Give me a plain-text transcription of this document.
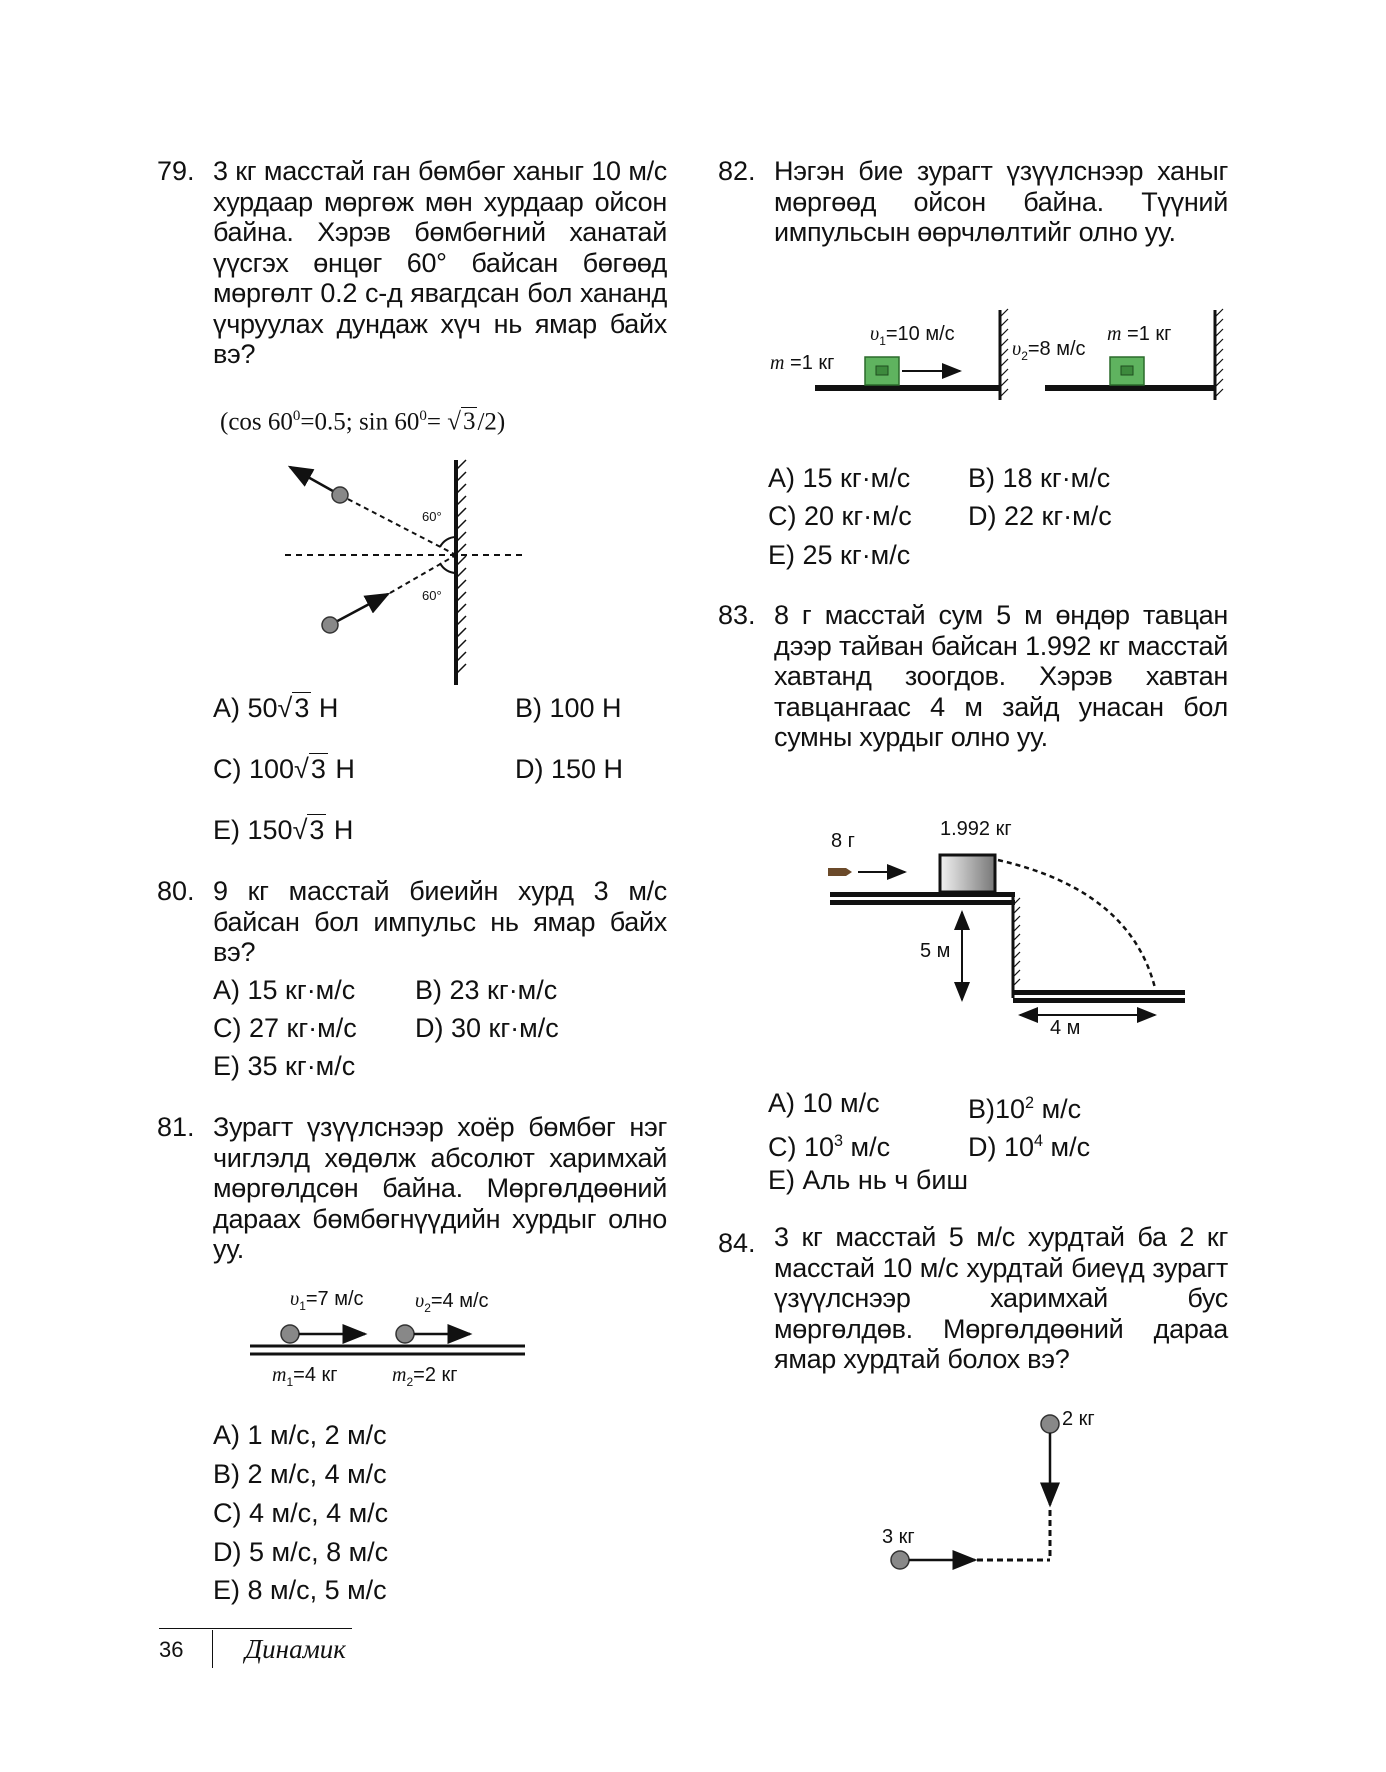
79. 3 кг масстай ган бөмбөг ханыг 10 м/с хурдаар мөргөж мөн хурдаар ойсон байна. Хэрэв бөмбөгний ханатай үүсгэх өнцөг 60° байсан бөгөөд мөргөлт 0.2 с-д явагдсан бол хананд үчруулах дундаж хүч нь ямар байх вэ?
(cos $60^0=0.5$; $\sin 60^0= √3/2$)
60°
60°
A) 50√3 Н	B) 100 Н
C) 100√3 Н	D) 150 Н
E) 150√3 Н
80. 9 кг масстай биеийн хурд 3 м/с байсан бол импульс нь ямар байх вэ?
A) 15 кг·м/с B) 23 кг·м/с
C) 27 кг·м/с D) 30 кг·м/с
E) 35 кг·м/с
81. Зурагт үзүүлснээр хоёр бөмбөг нэг чиглэлд хөдөлж абсолют харимхай мөргөлдсөн байна. Мөргөлдөөний дараах бөмбөгнүүдийн хурдыг олно уу.
$\upsilon_1=7$ м/с	$\upsilon_2=4$ м/с
$m_1=4$ кг	$m_2=2$ кг
A) 1 м/с, 2 м/с
B) 2 м/с, 4 м/с
C) 4 м/с, 4 м/с
D) 5 м/с, 8 м/с
E) 8 м/с, 5 м/с
82. Нэгэн бие зурагт үзүүлснээр ханыг мөргөөд ойсон байна. Түүний импульсын өөрчлөлтийг олно уу.
m =1 кг
$\upsilon_1=10$ м/с
$\upsilon_2=8$ м/с
m =1 кг
A) 15 кг·м/с B) 18 кг·м/с
C) 20 кг·м/с D) 22 кг·м/с
E) 25 кг·м/с
83. 8 г масстай сум 5 м өндөр тавцан дээр тайван байсан 1.992 кг масстай хавтанд зоогдов. Хэрэв хавтан тавцангаас 4 м зайд унасан бол сумны хурдыг олно уу.
8 г
1.992 кг
5 м
4 м
A) 10 м/с	$B)10^2$ м/с
C) $10^3$ м/с	D) $10^4$ м/с
E) Аль нь ч биш
84. 3 кг масстай 5 м/с хурдтай ба 2 кг масстай 10 м/с хурдтай биеүд зурагт үзүүлснээр харимхай бус мөргөлдөв. Мөргөлдөөний дараа ямар хурдтай болох вэ?
2 кг
3 кг
36 Динамик
